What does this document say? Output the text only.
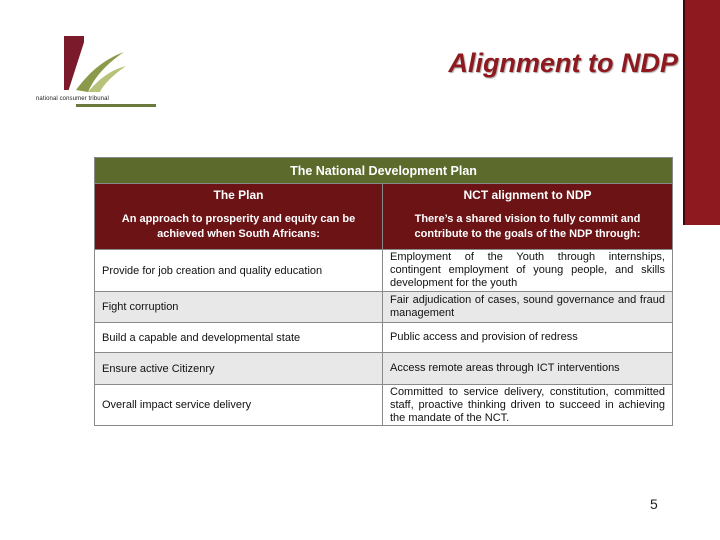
national consumer tribunal
Alignment to NDP
The National Development Plan	
The Plan	NCT alignment to NDP
An approach to prosperity and equity can be achieved when South Africans:	There’s a shared vision to fully commit and contribute to the goals of the NDP through:
Provide for job creation and quality education	Employment of the Youth through internships, contingent employment of young people, and skills development for the youth
Fight corruption	Fair adjudication of cases, sound governance and fraud management
Build a capable and developmental state	Public access and provision of redress
Ensure active Citizenry	Access remote areas through ICT interventions
Overall impact service delivery	Committed to service delivery, constitution, committed staff, proactive thinking driven to succeed in achieving the mandate of the NCT.
5
